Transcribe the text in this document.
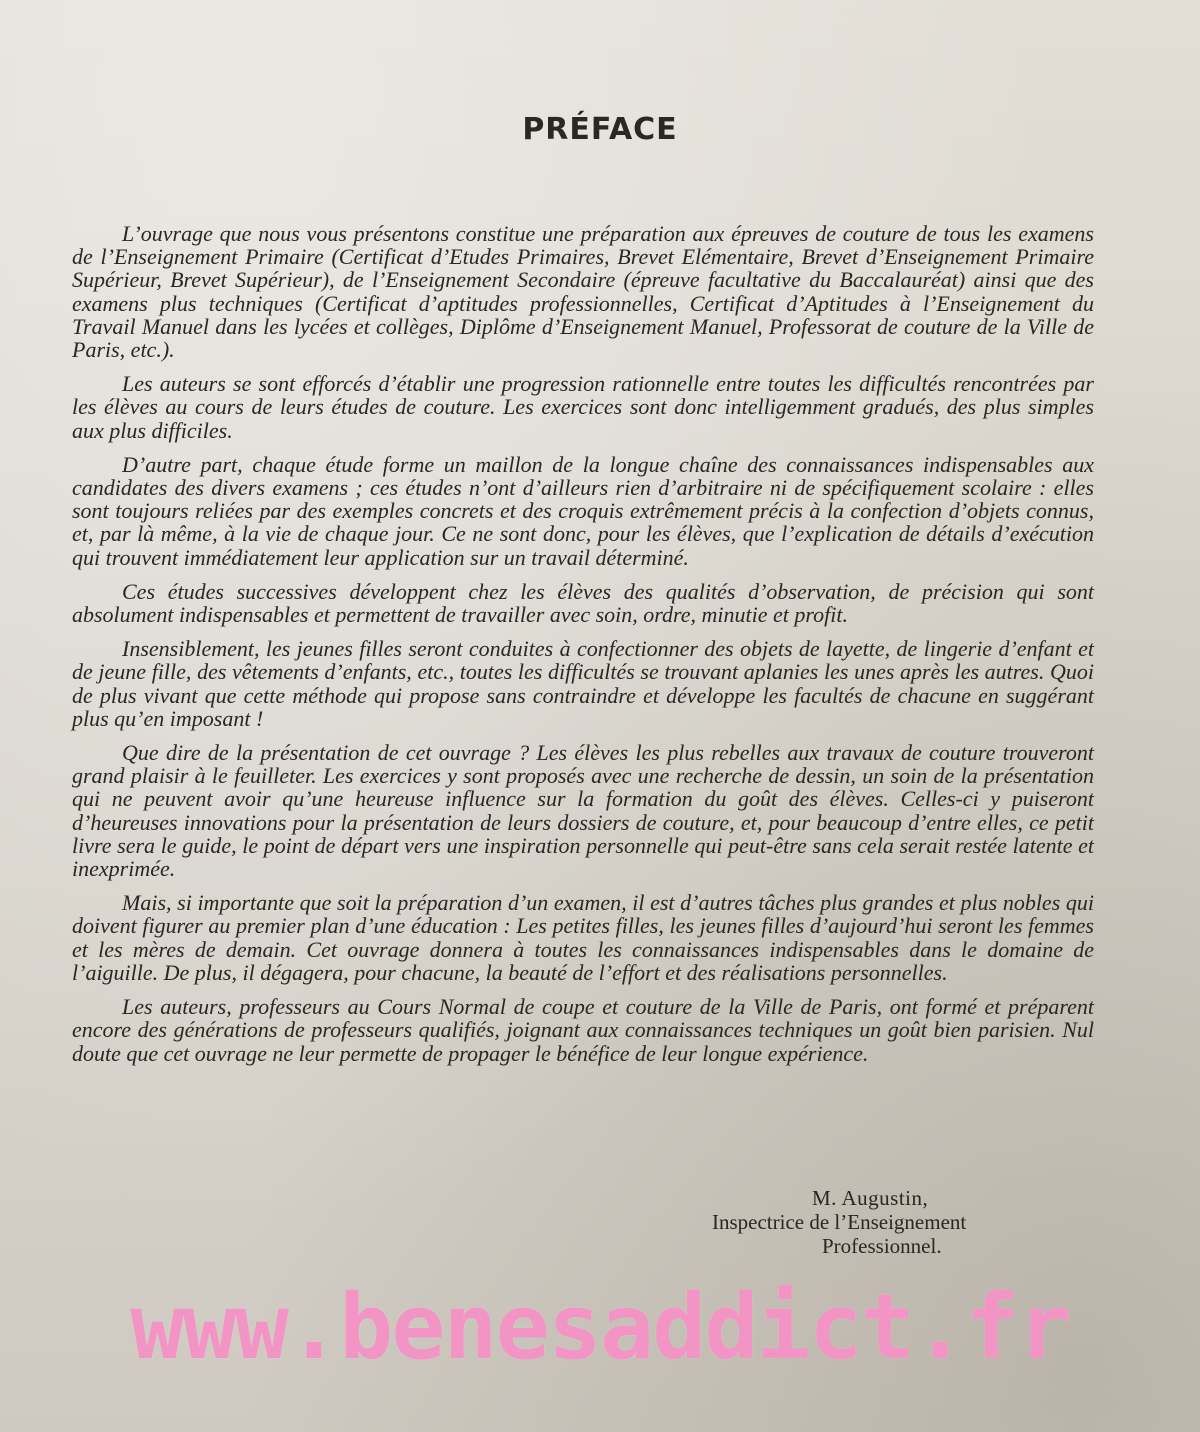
PRÉFACE

L’ouvrage que nous vous présentons constitue une préparation aux épreuves de couture de tous les examens de l’Enseignement Primaire (Certificat d’Etudes Primaires, Brevet Elémentaire, Brevet d’Enseignement Primaire Supérieur, Brevet Supérieur), de l’Enseignement Secondaire (épreuve facultative du Baccalauréat) ainsi que des examens plus techniques (Certificat d’aptitudes professionnelles, Certificat d’Aptitudes à l’Enseignement du Travail Manuel dans les lycées et collèges, Diplôme d’Enseignement Manuel, Professorat de couture de la Ville de Paris, etc.).

Les auteurs se sont efforcés d’établir une progression rationnelle entre toutes les difficultés rencontrées par les élèves au cours de leurs études de couture. Les exercices sont donc intelligemment gradués, des plus simples aux plus difficiles.

D’autre part, chaque étude forme un maillon de la longue chaîne des connaissances indispensables aux candidates des divers examens ; ces études n’ont d’ailleurs rien d’arbitraire ni de spécifiquement scolaire : elles sont toujours reliées par des exemples concrets et des croquis extrêmement précis à la confection d’objets connus, et, par là même, à la vie de chaque jour. Ce ne sont donc, pour les élèves, que l’explication de détails d’exécution qui trouvent immédiatement leur application sur un travail déterminé.

Ces études successives développent chez les élèves des qualités d’observation, de précision qui sont absolument indispensables et permettent de travailler avec soin, ordre, minutie et profit.

Insensiblement, les jeunes filles seront conduites à confectionner des objets de layette, de lingerie d’enfant et de jeune fille, des vêtements d’enfants, etc., toutes les difficultés se trouvant aplanies les unes après les autres. Quoi de plus vivant que cette méthode qui propose sans contraindre et développe les facultés de chacune en suggérant plus qu’en imposant !

Que dire de la présentation de cet ouvrage ? Les élèves les plus rebelles aux travaux de couture trouveront grand plaisir à le feuilleter. Les exercices y sont proposés avec une recherche de dessin, un soin de la présentation qui ne peuvent avoir qu’une heureuse influence sur la formation du goût des élèves. Celles-ci y puiseront d’heureuses innovations pour la présentation de leurs dossiers de couture, et, pour beaucoup d’entre elles, ce petit livre sera le guide, le point de départ vers une inspiration personnelle qui peut-être sans cela serait restée latente et inexprimée.

Mais, si importante que soit la préparation d’un examen, il est d’autres tâches plus grandes et plus nobles qui doivent figurer au premier plan d’une éducation : Les petites filles, les jeunes filles d’aujourd’hui seront les femmes et les mères de demain. Cet ouvrage donnera à toutes les connaissances indispensables dans le domaine de l’aiguille. De plus, il dégagera, pour chacune, la beauté de l’effort et des réalisations personnelles.

Les auteurs, professeurs au Cours Normal de coupe et couture de la Ville de Paris, ont formé et préparent encore des générations de professeurs qualifiés, joignant aux connaissances techniques un goût bien parisien. Nul doute que cet ouvrage ne leur permette de propager le bénéfice de leur longue expérience.

M. Augustin,
Inspectrice de l’Enseignement
Professionnel.
www.benesaddict.fr
